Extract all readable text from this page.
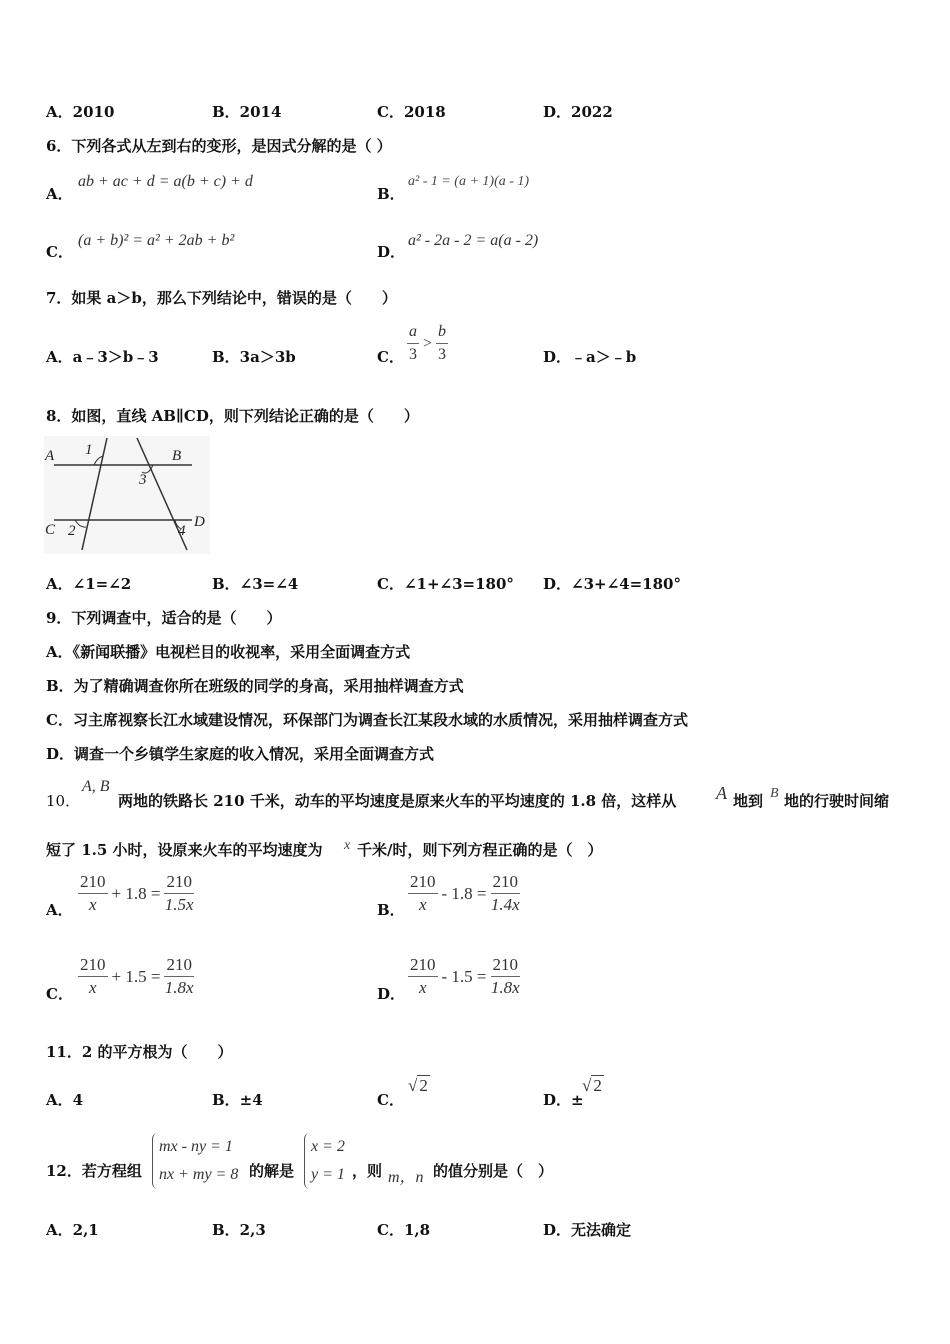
A．2010	B．2014	C．2018	D．2022
6．下列各式从左到右的变形，是因式分解的是（ ）
A．
ab + ac + d = a(b + c) + d
B．
a² - 1 = (a + 1)(a - 1)
C．
(a + b)² = a² + 2ab + b²
D．
a² - 2a - 2 = a(a - 2)
7．如果 a＞b，那么下列结论中，错误的是（　　）
A．a﹣3＞b﹣3	B．3a＞3b	C．
a
3
>
b
3	D．﹣a＞﹣b
8．如图，直线 AB∥CD，则下列结论正确的是（　　）
A 1	B
3
C 2	4
D
A．∠1=∠2	B．∠3=∠4	C．∠1+∠3=180° D．∠3+∠4=180°
9．下列调查中，适合的是（　　）
A．《新闻联播》电视栏目的收视率，采用全面调查方式
B．为了精确调查你所在班级的同学的身高，采用抽样调查方式
C．习主席视察长江水域建设情况，环保部门为调查长江某段水域的水质情况，采用抽样调查方式
D．调查一个乡镇学生家庭的收入情况，采用全面调查方式
10．
A, B
两地的铁路长 210 千米，动车的平均速度是原来火车的平均速度的 1.8 倍，这样从 A 地到 B 地的行驶时间缩
短了 1.5 小时，设原来火车的平均速度为 x 千米/时，则下列方程正确的是（　）
A．
210
x
+ $1.8 = \frac{210}{1.5x}$	B．
210
x
- $1.8 = \frac{210}{1.4x}$
C．
210
x
+ $1.5 = \frac{210}{1.8x}$	D．
210
x
- $1.5 = \frac{210}{1.8x}$
11．2 的平方根为（　　）
A．4	B．±4	C．
√ 2
D．±
√ 2
12．若方程组
mx - ny = 1
nx + my = 8 的解是
x = 2
y = 1 ，则 m，n 的值分别是（　）
A．2,1	B．2,3	C．1,8	D．无法确定
